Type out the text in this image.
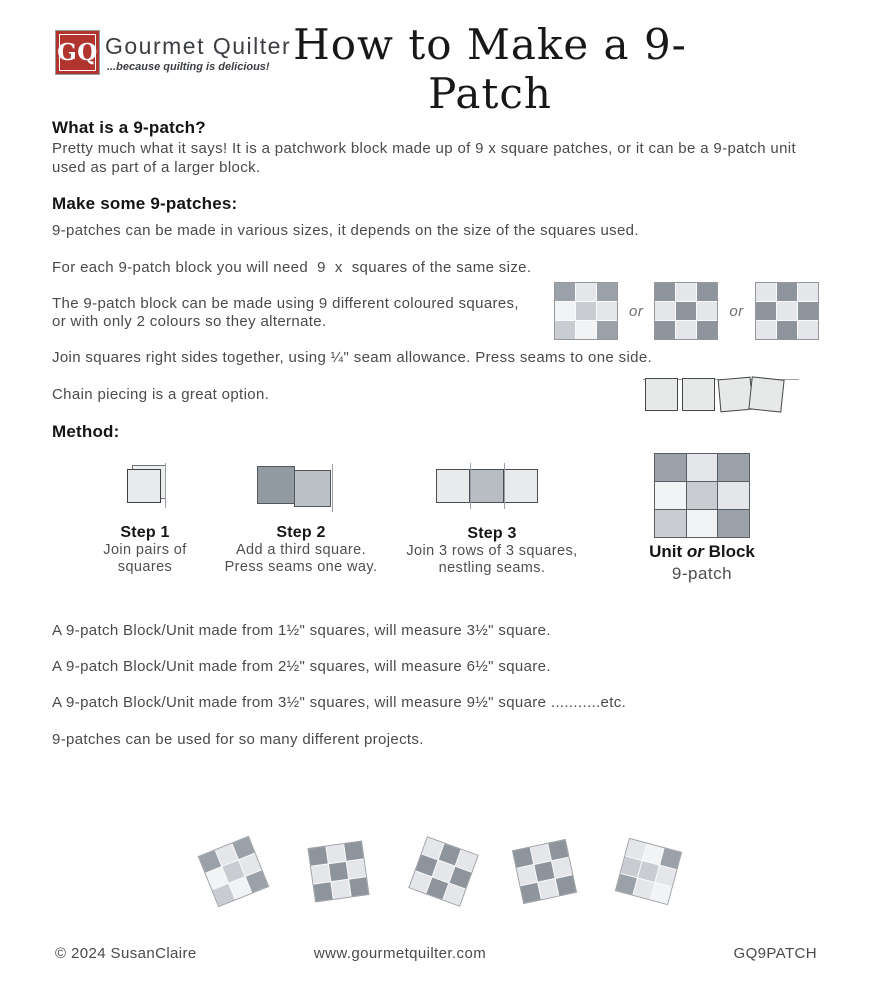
GQ Gourmet Quilter
...because quilting is delicious! How to Make a 9-Patch
What is a 9-patch?
Pretty much what it says! It is a patchwork block made up of 9 x square patches, or it can be a 9-patch unit used as part of a larger block.
Make some 9-patches:
9-patches can be made in various sizes, it depends on the size of the squares used.
For each 9-patch block you will need  9  x  squares of the same size.
The 9-patch block can be made using 9 different coloured squares,
or with only 2 colours so they alternate.
or	or
Join squares right sides together, using ¼" seam allowance. Press seams to one side.
Chain piecing is a great option.
Method:
Step 1
Join pairs of
squares
Step 2
Add a third square.
Press seams one way.
Step 3
Join 3 rows of 3 squares,
nestling seams.
Unit or Block
9-patch
A 9-patch Block/Unit made from 1½" squares, will measure 3½" square.
A 9-patch Block/Unit made from 2½" squares, will measure 6½" square.
A 9-patch Block/Unit made from 3½" squares, will measure 9½" square ...........etc.
9-patches can be used for so many different projects.
© 2024 SusanClaire	www.gourmetquilter.com	GQ9PATCH
